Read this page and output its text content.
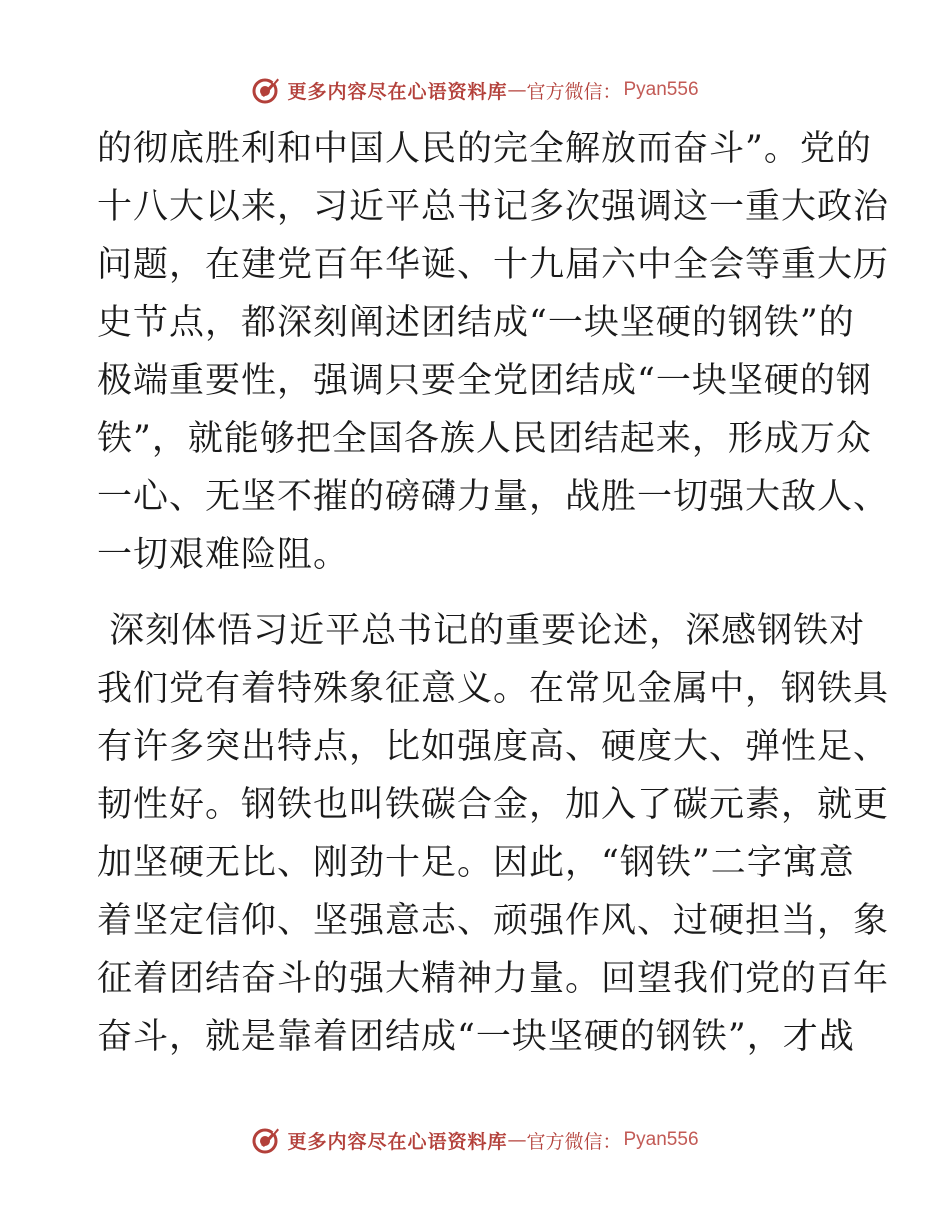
更多内容尽在心语资料库 — 官方微信： Pyan556
的彻底胜利和中国人民的完全解放而奋斗”。党的
十八大以来，习近平总书记多次强调这一重大政治
问题，在建党百年华诞、十九届六中全会等重大历
史节点，都深刻阐述团结成“一块坚硬的钢铁”的
极端重要性，强调只要全党团结成“一块坚硬的钢
铁”，就能够把全国各族人民团结起来，形成万众
一心、无坚不摧的磅礴力量，战胜一切强大敌人、
一切艰难险阻。
深刻体悟习近平总书记的重要论述，深感钢铁对
我们党有着特殊象征意义。在常见金属中，钢铁具
有许多突出特点，比如强度高、硬度大、弹性足、
韧性好。钢铁也叫铁碳合金，加入了碳元素，就更
加坚硬无比、刚劲十足。因此，“钢铁”二字寓意
着坚定信仰、坚强意志、顽强作风、过硬担当，象
征着团结奋斗的强大精神力量。回望我们党的百年
奋斗，就是靠着团结成“一块坚硬的钢铁”，才战
更多内容尽在心语资料库 — 官方微信： Pyan556
